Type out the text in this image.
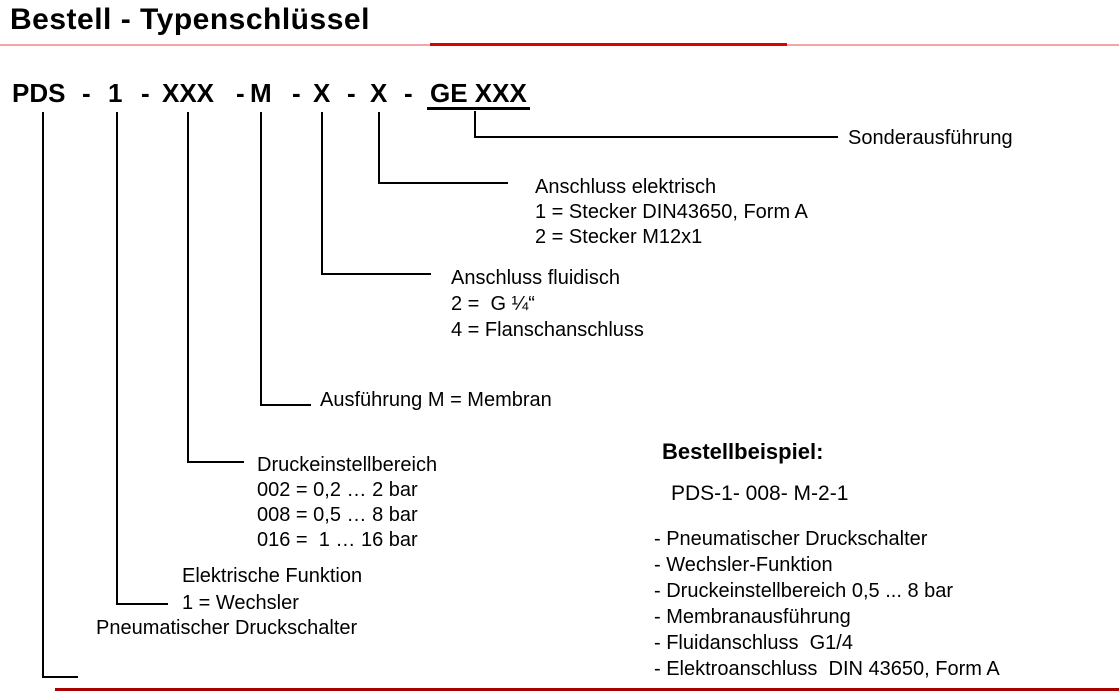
Bestell - Typenschlüssel
PDS - 1 - XXX - M - X - X - GE XXX
Sonderausführung
Anschluss elektrisch
1 = Stecker DIN43650, Form A
2 = Stecker M12x1
Anschluss fluidisch
2 =  G ¼“
4 = Flanschanschluss
Ausführung M = Membran
Druckeinstellbereich
002 = 0,2 … 2 bar
008 = 0,5 … 8 bar
016 =  1 … 16 bar
Elektrische Funktion
1 = Wechsler
Pneumatischer Druckschalter
Bestellbeispiel:
PDS-1- 008- M-2-1
- Pneumatischer Druckschalter
- Wechsler-Funktion
- Druckeinstellbereich 0,5 ... 8 bar
- Membranausführung
- Fluidanschluss  G1/4
- Elektroanschluss  DIN 43650, Form A
